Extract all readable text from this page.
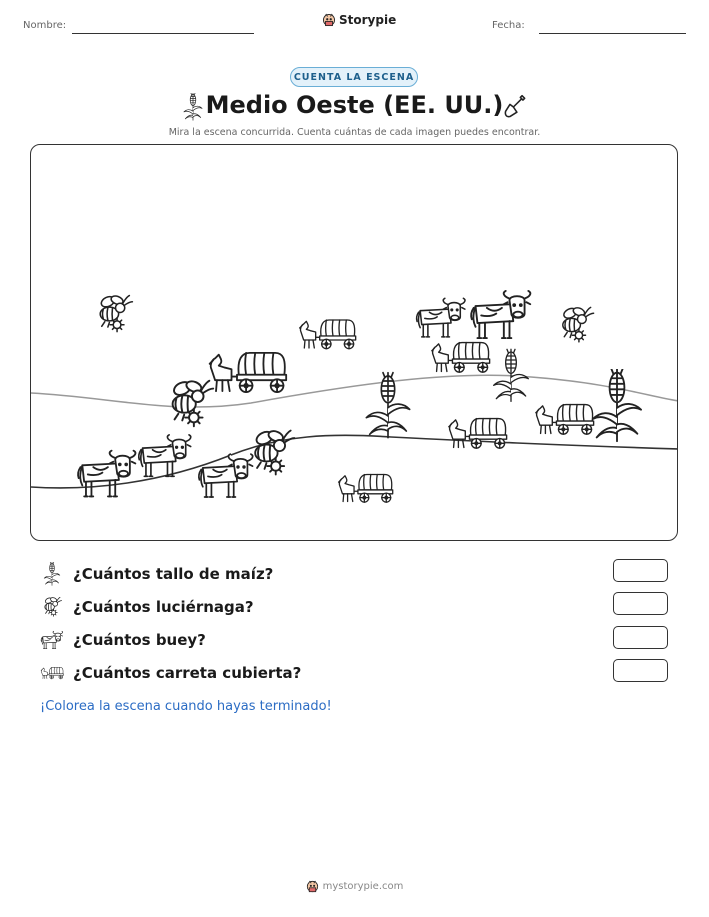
Nombre:	Storypie	Fecha:
CUENTA LA ESCENA
Medio Oeste (EE. UU.)
Mira la escena concurrida. Cuenta cuántas de cada imagen puedes encontrar.
¿Cuántos tallo de maíz?
¿Cuántos luciérnaga?
¿Cuántos buey?
¿Cuántos carreta cubierta?
¡Colorea la escena cuando hayas terminado!
mystorypie.com
